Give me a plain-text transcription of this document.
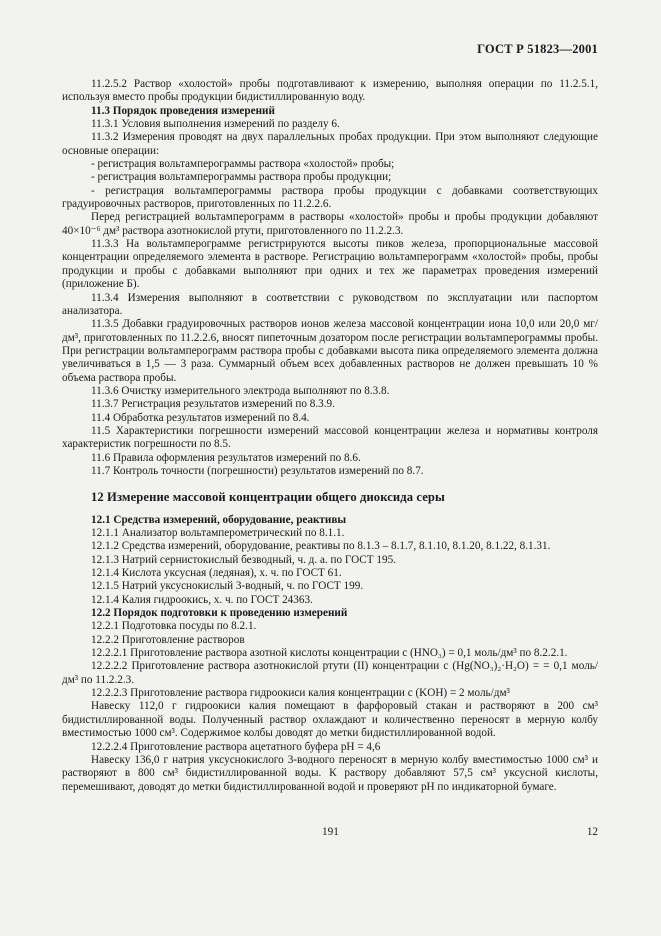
ГОСТ Р 51823—2001

11.2.5.2 Раствор «холостой» пробы подготавливают к измерению, выполняя операции по 11.2.5.1, используя вместо пробы продукции бидистиллированную воду.

11.3 Порядок проведения измерений

11.3.1 Условия выполнения измерений по разделу 6.

11.3.2 Измерения проводят на двух параллельных пробах продукции. При этом выполняют следующие основные операции:

- регистрация вольтамперограммы раствора «холостой» пробы;

- регистрация вольтамперограммы раствора пробы продукции;

- регистрация вольтамперограммы раствора пробы продукции с добавками соответствующих градуировочных растворов, приготовленных по 11.2.2.6.

Перед регистрацией вольтамперограмм в растворы «холостой» пробы и пробы продукции добавляют 40×10⁻⁶ дм³ раствора азотнокислой ртути, приготовленного по 11.2.2.3.

11.3.3 На вольтамперограмме регистрируются высоты пиков железа, пропорциональные массовой концентрации определяемого элемента в растворе. Регистрацию вольтамперограмм «холостой» пробы, пробы продукции и пробы с добавками выполняют при одних и тех же параметрах проведения измерений (приложение Б).

11.3.4 Измерения выполняют в соответствии с руководством по эксплуатации или паспортом анализатора.

11.3.5 Добавки градуировочных растворов ионов железа массовой концентрации иона 10,0 или 20,0 мг/дм³, приготовленных по 11.2.2.6, вносят пипеточным дозатором после регистрации вольтамперограммы пробы. При регистрации вольтамперограмм раствора пробы с добавками высота пика определяемого элемента должна увеличиваться в 1,5 — 3 раза. Суммарный объем всех добавленных растворов не должен превышать 10 % объема раствора пробы.

11.3.6 Очистку измерительного электрода выполняют по 8.3.8.

11.3.7 Регистрация результатов измерений по 8.3.9.

11.4 Обработка результатов измерений по 8.4.

11.5 Характеристики погрешности измерений массовой концентрации железа и нормативы контроля характеристик погрешности по 8.5.

11.6 Правила оформления результатов измерений по 8.6.

11.7 Контроль точности (погрешности) результатов измерений по 8.7.

12 Измерение массовой концентрации общего диоксида серы

12.1 Средства измерений, оборудование, реактивы

12.1.1 Анализатор вольтамперометрический по 8.1.1.

12.1.2 Средства измерений, оборудование, реактивы по 8.1.3 – 8.1.7, 8.1.10, 8.1.20, 8.1.22, 8.1.31.

12.1.3 Натрий сернистокислый безводный, ч. д. а. по ГОСТ 195.

12.1.4 Кислота уксусная (ледяная), х. ч. по ГОСТ 61.

12.1.5 Натрий уксуснокислый 3-водный, ч. по ГОСТ 199.

12.1.4 Калия гидроокись, х. ч. по ГОСТ 24363.

12.2 Порядок подготовки к проведению измерений

12.2.1 Подготовка посуды по 8.2.1.

12.2.2 Приготовление растворов

12.2.2.1 Приготовление раствора азотной кислоты концентрации c (HNO₃) = 0,1 моль/дм³ по 8.2.2.1.

12.2.2.2 Приготовление раствора азотнокислой ртути (II) концентрации c (Hg(NO₃)₂·H₂O) = = 0,1 моль/дм³ по 11.2.2.3.

12.2.2.3 Приготовление раствора гидроокиси калия концентрации c (KOH) = 2 моль/дм³

Навеску 112,0 г гидроокиси калия помещают в фарфоровый стакан и растворяют в 200 см³ бидистиллированной воды. Полученный раствор охлаждают и количественно переносят в мерную колбу вместимостью 1000 см³. Содержимое колбы доводят до метки бидистиллированной водой.

12.2.2.4 Приготовление раствора ацетатного буфера pH = 4,6

Навеску 136,0 г натрия уксуснокислого 3-водного переносят в мерную колбу вместимостью 1000 см³ и растворяют в 800 см³ бидистиллированной воды. К раствору добавляют 57,5 см³ уксусной кислоты, перемешивают, доводят до метки бидистиллированной водой и проверяют pH по индикаторной бумаге.

191	12
